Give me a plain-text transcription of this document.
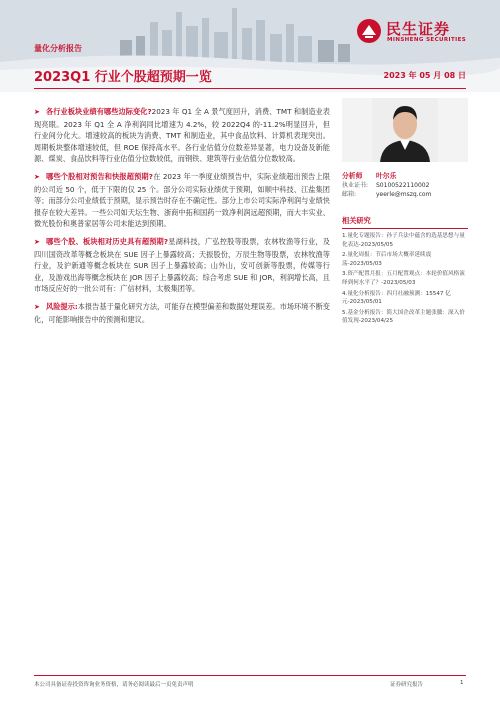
民生证券
MINSHENG SECURITIES
量化分析报告
2023Q1 行业个股超预期一览	2023 年 05 月 08 日
➤ 各行业板块业绩有哪些边际变化?2023 年 Q1 全 A 景气度回升，消费、TMT 和制造业表现亮眼。2023 年 Q1 全 A 净利润同比增速为 4.2%，较 2022Q4 的-11.2%明显回升，但行业间分化大。增速较高的板块为消费、TMT 和制造业，其中食品饮料、计算机表现突出。周期板块整体增速较低，但 ROE 保持高水平。各行业估值分位数差异显著，电力设备及新能源、煤炭、食品饮料等行业估值分位数较低，而钢铁、建筑等行业估值分位数较高。
➤ 哪些个股相对预告和快报超预期?在 2023 年一季度业绩预告中，实际业绩超出预告上限的公司近 50 个，低于下限的仅 25 个。部分公司实际业绩优于预期，如顺中科技、江盐集团等；而部分公司业绩低于预期，显示预告时存在不确定性。部分上市公司实际净利润与业绩快报存在较大差异。一些公司如天坛生物、浙商中拓和国药一致净利润远超预期，而大丰实业、微光股份和奥普家居等公司未能达到预期。
➤ 哪些个股、板块相对历史具有超预期?星湖科技，广弘控股等股票，农林牧渔等行业，及四川国资改革等概念板块在 SUE 因子上暴露较高；天振股份，万辰生物等股票，农林牧渔等行业，及沪新通等概念板块在 SUR 因子上暴露较高；山外山，安可创新等股票，传媒等行业，及游戏出海等概念板块在 JOR 因子上暴露较高；综合考虑 SUE 和 JOR，利润增长高，且市场反应好的一批公司有：广信材料，太极集团等。
➤ 风险提示:本报告基于量化研究方法，可能存在模型偏差和数据处理误差。市场环境不断变化，可能影响报告中的预测和建议。
分析师 叶尔乐
执业证书: S0100522110002
邮箱:	yeerle@mszq.com
相关研究
1.量化专题报告：孙子兵法中蕴含的选基思想与量化表达-2023/05/05
2.量化周报：节后市场大概率延续震荡-2023/05/03
3.资产配置月报：五月配置观点：本轮价值风格演绎到何水平了？-2023/05/03
4.量化分析报告：四月社融预测：15547 亿元-2023/05/01
5.基金分析报告：简大国企改革主题张騰：深入价值发现-2023/04/25
本公司具备证券投资咨询业务资格，请务必阅读最后一页免责声明	证券研究报告	1
